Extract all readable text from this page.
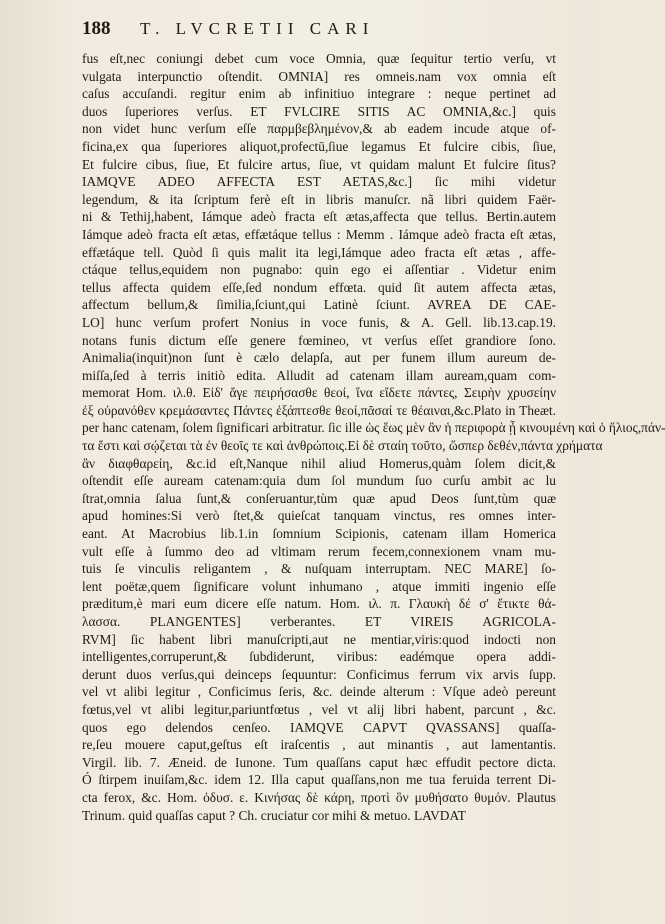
188	T. LVCRETII CARI
fus eſt,nec coniungi debet cum voce Omnia, quæ ſequitur tertio verſu, vt
vulgata interpunctio oſtendit. OMNIA] res omneis.nam vox omnia eſt
caſus accuſandi. regitur enim ab infinitiuo integrare : neque pertinet ad
duos ſuperiores verſus. ET FVLCIRE SITIS AC OMNIA,&c.] quis
non videt hunc verſum eſſe παρμβεβλημένον,& ab eadem incude atque of-
ficina,ex qua ſuperiores aliquot,profectū,ſiue legamus Et fulcire cibis, ſiue,
Et fulcire cibus, ſiue, Et fulcire artus, ſiue, vt quidam malunt Et fulcire ſitus?
IAMQVE ADEO AFFECTA EST AETAS,&c.] ſic mihi videtur
legendum, & ita ſcriptum ferè eſt in libris manuſcr. nã libri quidem Faër-
ni & Tethij,habent, Iámque adeò fracta eſt ætas,affecta que tellus. Bertin.autem
Iámque adeò fracta eſt ætas, effætáque tellus : Memm . Iámque adeò fracta eſt ætas,
effætáque tell. Quòd ſi quis malit ita legi,Iámque adeo fracta eſt ætas , affe-
ctáque tellus,equidem non pugnabo: quin ego ei aſſentiar . Videtur enim
tellus affecta quidem eſſe,ſed nondum effœta. quid ſit autem affecta ætas,
affectum bellum,& ſimilia,ſciunt,qui Latinè ſciunt. AVREA DE CAE-
LO] hunc verſum profert Nonius in voce funis, & A. Gell. lib.13.cap.19.
notans funis dictum eſſe genere fœmineo, vt verſus eſſet grandiore ſono.
Animalia(inquit)non ſunt è cælo delapſa, aut per funem illum aureum de-
miſſa,ſed à terris initiò edita. Alludit ad catenam illam auream,quam com-
memorat Hom. ιλ.θ. Εἰδ' ἄγε πειρήσασθε θεοί, ἵνα εἴδετε πάντες, Σειρὴν χρυσείην
ἐξ οὐρανόθεν κρεμάσαντες Πάντες ἐξάπτεσθε θεοί,πᾶσαί τε θέαιναι,&c.Plato in Theæt.
per hanc catenam, ſolem ſignificari arbitratur. ſic ille ὡς ἕως μὲν ἂν ἡ περιφορὰ ᾖ κινουμένη καὶ ὁ ἥλιος,πάν-
τα ἔστι καὶ σῴζεται τὰ ἐν θεοῖς τε καὶ ἀνθρώποις.Εἰ δὲ σταίη τοῦτο, ὥσπερ δεθέν,πάντα χρήματα
ἂν διαφθαρείη, &c.id eſt,Nanque nihil aliud Homerus,quàm ſolem dicit,&
oſtendit eſſe auream catenam:quia dum ſol mundum ſuo curſu ambit ac lu
ſtrat,omnia ſalua ſunt,& conſeruantur,tùm quæ apud Deos ſunt,tùm quæ
apud homines:Si verò ſtet,& quieſcat tanquam vinctus, res omnes inter-
eant. At Macrobius lib.1.in ſomnium Scipionis, catenam illam Homerica
vult eſſe à ſummo deo ad vltimam rerum fecem,connexionem vnam mu-
tuis ſe vinculis religantem , & nuſquam interruptam. NEC MARE] ſo-
lent poëtæ,quem ſignificare volunt inhumano , atque immiti ingenio eſſe
præditum,è mari eum dicere eſſe natum. Hom. ιλ. π. Γλαυκὴ δέ σ' ἔτικτε θά-
λασσα. PLANGENTES] verberantes. ET VIREIS AGRICOLA-
RVM] ſic habent libri manuſcripti,aut ne mentiar,viris:quod indocti non
intelligentes,corruperunt,& ſubdiderunt, viribus: eadémque opera addi-
derunt duos verſus,qui deinceps ſequuntur: Conficimus ferrum vix arvis ſupp.
vel vt alibi legitur , Conficimus ſeris, &c. deinde alterum : Vſque adeò pereunt
fœtus,vel vt alibi legitur,pariuntfœtus , vel vt alij libri habent, parcunt , &c.
quos ego delendos cenſeo. IAMQVE CAPVT QVASSANS] quaſſa-
re,ſeu mouere caput,geſtus eſt iraſcentis , aut minantis , aut lamentantis.
Virgil. lib. 7. Æneid. de Iunone. Tum quaſſans caput hæc effudit pectore dicta.
Ó ſtirpem inuiſam,&c. idem 12. Illa caput quaſſans,non me tua feruida terrent Di-
cta ferox, &c. Hom. ὀδυσ. ε. Κινήσας δὲ κάρη, προτὶ ὃν μυθήσατο θυμόν. Plautus
Trinum. quid quaſſas caput ? Ch. cruciatur cor mihi & metuo. LAVDAT
